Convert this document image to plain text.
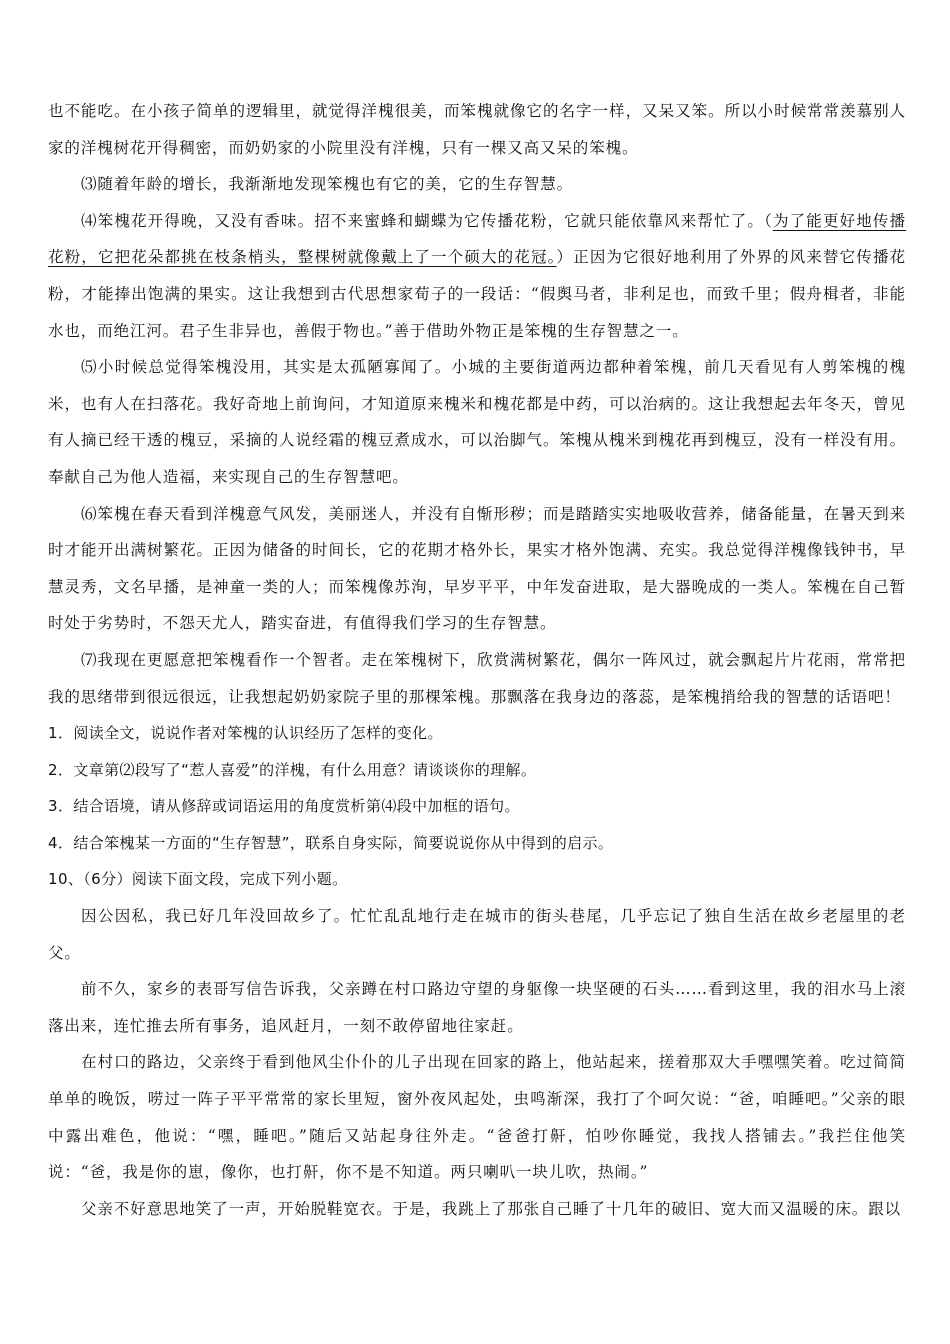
也不能吃。在小孩子简单的逻辑里，就觉得洋槐很美，而笨槐就像它的名字一样，又呆又笨。所以小时候常常羡慕别人家的洋槐树花开得稠密，而奶奶家的小院里没有洋槐，只有一棵又高又呆的笨槐。

⑶随着年龄的增长，我渐渐地发现笨槐也有它的美，它的生存智慧。

⑷笨槐花开得晚，又没有香味。招不来蜜蜂和蝴蝶为它传播花粉，它就只能依靠风来帮忙了。（为了能更好地传播花粉，它把花朵都挑在枝条梢头，整棵树就像戴上了一个硕大的花冠。）正因为它很好地利用了外界的风来替它传播花粉，才能捧出饱满的果实。这让我想到古代思想家荀子的一段话：“假舆马者，非利足也，而致千里；假舟楫者，非能水也，而绝江河。君子生非异也，善假于物也。”善于借助外物正是笨槐的生存智慧之一。

⑸小时候总觉得笨槐没用，其实是太孤陋寡闻了。小城的主要街道两边都种着笨槐，前几天看见有人剪笨槐的槐米，也有人在扫落花。我好奇地上前询问，才知道原来槐米和槐花都是中药，可以治病的。这让我想起去年冬天，曾见有人摘已经干透的槐豆，采摘的人说经霜的槐豆煮成水，可以治脚气。笨槐从槐米到槐花再到槐豆，没有一样没有用。奉献自己为他人造福，来实现自己的生存智慧吧。

⑹笨槐在春天看到洋槐意气风发，美丽迷人，并没有自惭形秽；而是踏踏实实地吸收营养，储备能量，在暑天到来时才能开出满树繁花。正因为储备的时间长，它的花期才格外长，果实才格外饱满、充实。我总觉得洋槐像钱钟书，早慧灵秀，文名早播，是神童一类的人；而笨槐像苏洵，早岁平平，中年发奋进取，是大器晚成的一类人。笨槐在自己暂时处于劣势时，不怨天尤人，踏实奋进，有值得我们学习的生存智慧。

⑺我现在更愿意把笨槐看作一个智者。走在笨槐树下，欣赏满树繁花，偶尔一阵风过，就会飘起片片花雨，常常把我的思绪带到很远很远，让我想起奶奶家院子里的那棵笨槐。那飘落在我身边的落蕊，是笨槐捎给我的智慧的话语吧！

1．阅读全文，说说作者对笨槐的认识经历了怎样的变化。

2．文章第⑵段写了“惹人喜爱”的洋槐，有什么用意？请谈谈你的理解。

3．结合语境，请从修辞或词语运用的角度赏析第⑷段中加框的语句。

4．结合笨槐某一方面的“生存智慧”，联系自身实际，简要说说你从中得到的启示。

10、（6分）阅读下面文段，完成下列小题。

因公因私，我已好几年没回故乡了。忙忙乱乱地行走在城市的街头巷尾，几乎忘记了独自生活在故乡老屋里的老父。

前不久，家乡的表哥写信告诉我，父亲蹲在村口路边守望的身躯像一块坚硬的石头……看到这里，我的泪水马上滚落出来，连忙推去所有事务，追风赶月，一刻不敢停留地往家赶。

在村口的路边，父亲终于看到他风尘仆仆的儿子出现在回家的路上，他站起来，搓着那双大手嘿嘿笑着。吃过简简单单的晚饭，唠过一阵子平平常常的家长里短，窗外夜风起处，虫鸣渐深，我打了个呵欠说：“爸，咱睡吧。”父亲的眼中露出难色，他说：“嘿，睡吧。”随后又站起身往外走。“爸爸打鼾，怕吵你睡觉，我找人搭铺去。”我拦住他笑说：“爸，我是你的崽，像你，也打鼾，你不是不知道。两只喇叭一块儿吹，热闹。”

父亲不好意思地笑了一声，开始脱鞋宽衣。于是，我跳上了那张自己睡了十几年的破旧、宽大而又温暖的床。跟以
